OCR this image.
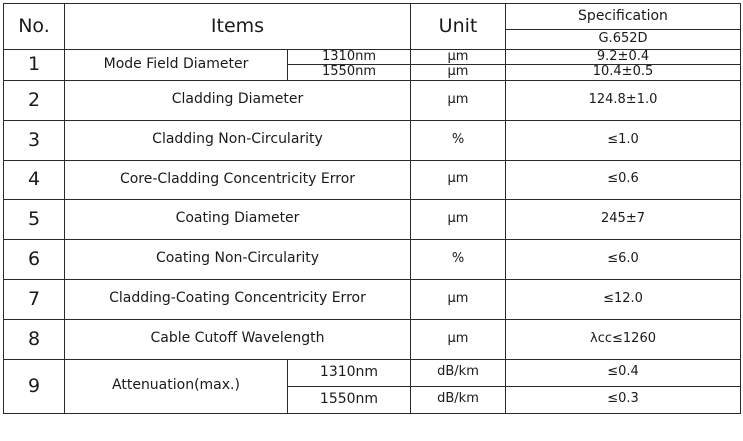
No.	Items		Unit	Specification
				G.652D
1	Mode Field Diameter	1310nm	μm	9.2±0.4
		1550nm	μm	10.4±0.5
2	Cladding Diameter		μm	124.8±1.0
3	Cladding Non-Circularity		%	≤1.0
4	Core-Cladding Concentricity Error		μm	≤0.6
5	Coating Diameter		μm	245±7
6	Coating Non-Circularity		%	≤6.0
7	Cladding-Coating Concentricity Error		μm	≤12.0
8	Cable Cutoff Wavelength		μm	λcc≤1260
9	Attenuation(max.)	1310nm	dB/km	≤0.4
		1550nm	dB/km	≤0.3
